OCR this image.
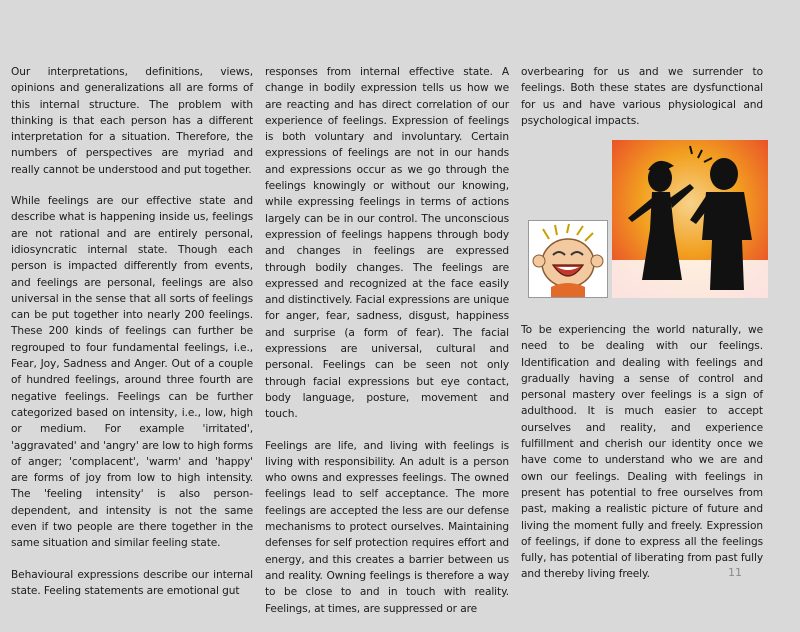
Our interpretations, definitions, views, opinions and generalizations all are forms of this internal structure. The problem with thinking is that each person has a different interpretation for a situation. Therefore, the numbers of perspectives are myriad and really cannot be understood and put together.

While feelings are our effective state and describe what is happening inside us, feelings are not rational and are entirely personal, idiosyncratic internal state. Though each person is impacted differently from events, and feelings are personal, feelings are also universal in the sense that all sorts of feelings can be put together into nearly 200 feelings. These 200 kinds of feelings can further be regrouped to four fundamental feelings, i.e., Fear, Joy, Sadness and Anger. Out of a couple of hundred feelings, around three fourth are negative feelings. Feelings can be further categorized based on intensity, i.e., low, high or medium. For example 'irritated', 'aggravated' and 'angry' are low to high forms of anger; 'complacent', 'warm' and 'happy' are forms of joy from low to high intensity. The 'feeling intensity' is also person-dependent, and intensity is not the same even if two people are there together in the same situation and similar feeling state.

Behavioural expressions describe our internal state. Feeling statements are emotional gut

responses from internal effective state. A change in bodily expression tells us how we are reacting and has direct correlation of our experience of feelings. Expression of feelings is both voluntary and involuntary. Certain expressions of feelings are not in our hands and expressions occur as we go through the feelings knowingly or without our knowing, while expressing feelings in terms of actions largely can be in our control. The unconscious expression of feelings happens through body and changes in feelings are expressed through bodily changes. The feelings are expressed and recognized at the face easily and distinctively. Facial expressions are unique for anger, fear, sadness, disgust, happiness and surprise (a form of fear). The facial expressions are universal, cultural and personal. Feelings can be seen not only through facial expressions but eye contact, body language, posture, movement and touch.

Feelings are life, and living with feelings is living with responsibility. An adult is a person who owns and expresses feelings. The owned feelings lead to self acceptance. The more feelings are accepted the less are our defense mechanisms to protect ourselves. Maintaining defenses for self protection requires effort and energy, and this creates a barrier between us and reality. Owning feelings is therefore a way to be close to and in touch with reality. Feelings, at times, are suppressed or are

overbearing for us and we surrender to feelings. Both these states are dysfunctional for us and have various physiological and psychological impacts.

To be experiencing the world naturally, we need to be dealing with our feelings. Identification and dealing with feelings and gradually having a sense of control and personal mastery over feelings is a sign of adulthood. It is much easier to accept ourselves and reality, and experience fulfillment and cherish our identity once we have come to understand who we are and own our feelings. Dealing with feelings in present has potential to free ourselves from past, making a realistic picture of future and living the moment fully and freely. Expression of feelings, if done to express all the feelings fully, has potential of liberating from past fully and thereby living freely.	11
